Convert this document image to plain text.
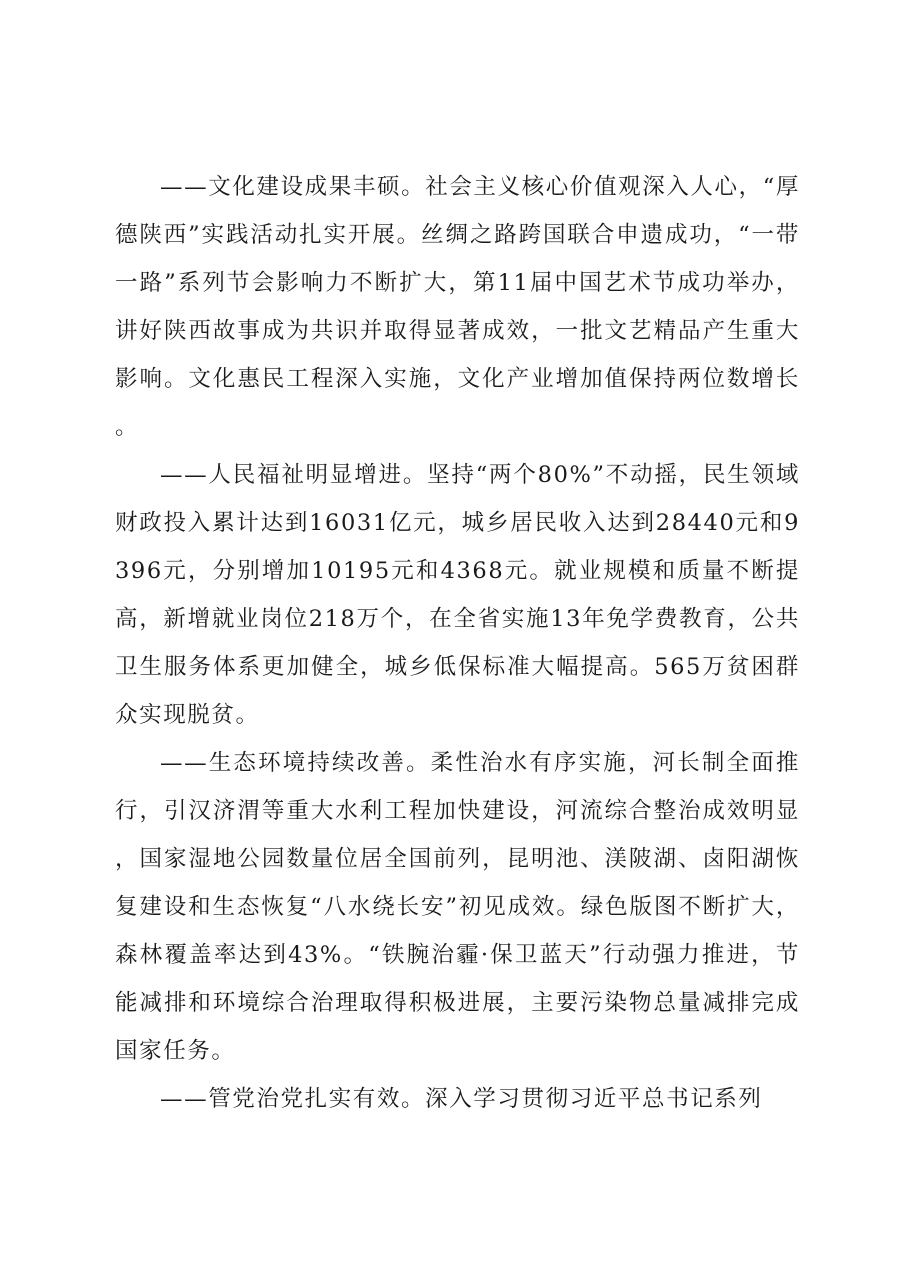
——文化建设成果丰硕。社会主义核心价值观深入人心，“厚德陕西”实践活动扎实开展。丝绸之路跨国联合申遗成功，“一带一路”系列节会影响力不断扩大，第11届中国艺术节成功举办，讲好陕西故事成为共识并取得显著成效，一批文艺精品产生重大影响。文化惠民工程深入实施，文化产业增加值保持两位数增长。

——人民福祉明显增进。坚持“两个80%”不动摇，民生领域财政投入累计达到16031亿元，城乡居民收入达到28440元和9396元，分别增加10195元和4368元。就业规模和质量不断提高，新增就业岗位218万个，在全省实施13年免学费教育，公共卫生服务体系更加健全，城乡低保标准大幅提高。565万贫困群众实现脱贫。

——生态环境持续改善。柔性治水有序实施，河长制全面推行，引汉济渭等重大水利工程加快建设，河流综合整治成效明显，国家湿地公园数量位居全国前列，昆明池、渼陂湖、卤阳湖恢复建设和生态恢复“八水绕长安”初见成效。绿色版图不断扩大，森林覆盖率达到43%。“铁腕治霾·保卫蓝天”行动强力推进，节能减排和环境综合治理取得积极进展，主要污染物总量减排完成国家任务。

——管党治党扎实有效。深入学习贯彻习近平总书记系列
